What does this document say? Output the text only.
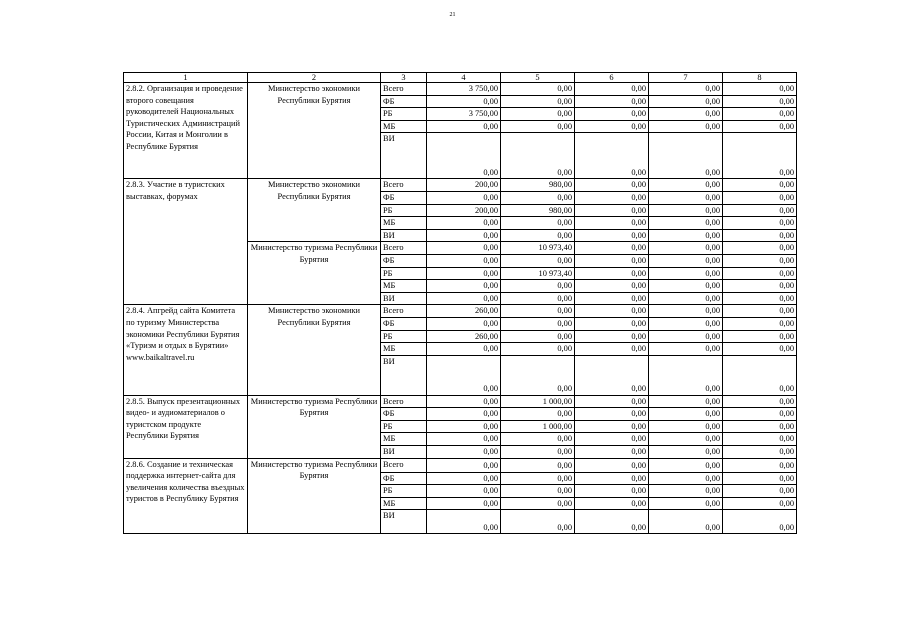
21
1	2	3	4	5	6	7	8
2.8.2. Организация и проведение второго совещания руководителей Национальных Туристических Администраций России, Китая и Монголии в Республике Бурятия	Министерство экономики Республики Бурятия	Всего	3 750,00	0,00	0,00	0,00	0,00
		ФБ	0,00	0,00	0,00	0,00	0,00
		РБ	3 750,00	0,00	0,00	0,00	0,00
		МБ	0,00	0,00	0,00	0,00	0,00
		ВИ	0,00	0,00	0,00	0,00	0,00
2.8.3. Участие в туристских выставках, форумах	Министерство экономики Республики Бурятия	Всего	200,00	980,00	0,00	0,00	0,00
		ФБ	0,00	0,00	0,00	0,00	0,00
		РБ	200,00	980,00	0,00	0,00	0,00
		МБ	0,00	0,00	0,00	0,00	0,00
		ВИ	0,00	0,00	0,00	0,00	0,00
	Министерство туризма Республики Бурятия	Всего	0,00	10 973,40	0,00	0,00	0,00
		ФБ	0,00	0,00	0,00	0,00	0,00
		РБ	0,00	10 973,40	0,00	0,00	0,00
		МБ	0,00	0,00	0,00	0,00	0,00
		ВИ	0,00	0,00	0,00	0,00	0,00
2.8.4. Апгрейд сайта Комитета по туризму Министерства экономики Республики Бурятия «Туризм и отдых в Бурятии» www.baikaltravel.ru	Министерство экономики Республики Бурятия	Всего	260,00	0,00	0,00	0,00	0,00
		ФБ	0,00	0,00	0,00	0,00	0,00
		РБ	260,00	0,00	0,00	0,00	0,00
		МБ	0,00	0,00	0,00	0,00	0,00
		ВИ	0,00	0,00	0,00	0,00	0,00
2.8.5. Выпуск презентационных видео- и аудиоматериалов о туристском продукте Республики Бурятия	Министерство туризма Республики Бурятия	Всего	0,00	1 000,00	0,00	0,00	0,00
		ФБ	0,00	0,00	0,00	0,00	0,00
		РБ	0,00	1 000,00	0,00	0,00	0,00
		МБ	0,00	0,00	0,00	0,00	0,00
		ВИ	0,00	0,00	0,00	0,00	0,00
2.8.6. Создание и техническая поддержка интернет-сайта для увеличения количества въездных туристов в Республику Бурятия	Министерство туризма Республики Бурятия	Всего	0,00	0,00	0,00	0,00	0,00
		ФБ	0,00	0,00	0,00	0,00	0,00
		РБ	0,00	0,00	0,00	0,00	0,00
		МБ	0,00	0,00	0,00	0,00	0,00
		ВИ	0,00	0,00	0,00	0,00	0,00
